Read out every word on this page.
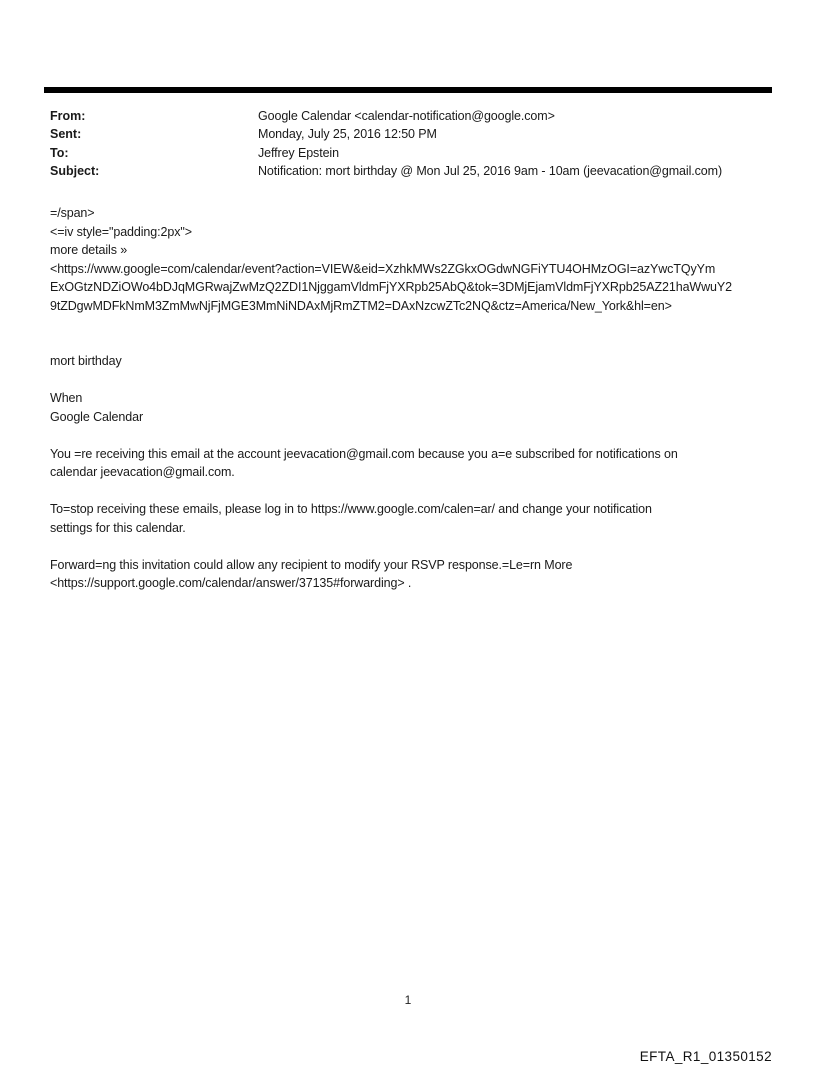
From:	Google Calendar <calendar-notification@google.com>
Sent:	Monday, July 25, 2016 12:50 PM
To:	Jeffrey Epstein
Subject:	Notification: mort birthday @ Mon Jul 25, 2016 9am - 10am (jeevacation@gmail.com)
=/span>
<=iv style="padding:2px">
more details »
<https://www.google=com/calendar/event?action=VIEW&eid=XzhkMWs2ZGkxOGdwNGFiYTU4OHMzOGI=azYwcTQyYm
ExOGtzNDZiOWo4bDJqMGRwajZwMzQ2ZDI1NjggamVldmFjYXRpb25AbQ&tok=3DMjEjamVldmFjYXRpb25AZ21haWwuY2
9tZDgwMDFkNmM3ZmMwNjFjMGE3MmNiNDAxMjRmZTM2=DAxNzcwZTc2NQ&ctz=America/New_York&hl=en>
mort birthday
When
Google Calendar
You =re receiving this email at the account jeevacation@gmail.com because you a=e subscribed for notifications on
calendar jeevacation@gmail.com.
To=stop receiving these emails, please log in to https://www.google.com/calen=ar/ and change your notification
settings for this calendar.
Forward=ng this invitation could allow any recipient to modify your RSVP response.=Le=rn More
<https://support.google.com/calendar/answer/37135#forwarding> .
1
EFTA_R1_01350152
